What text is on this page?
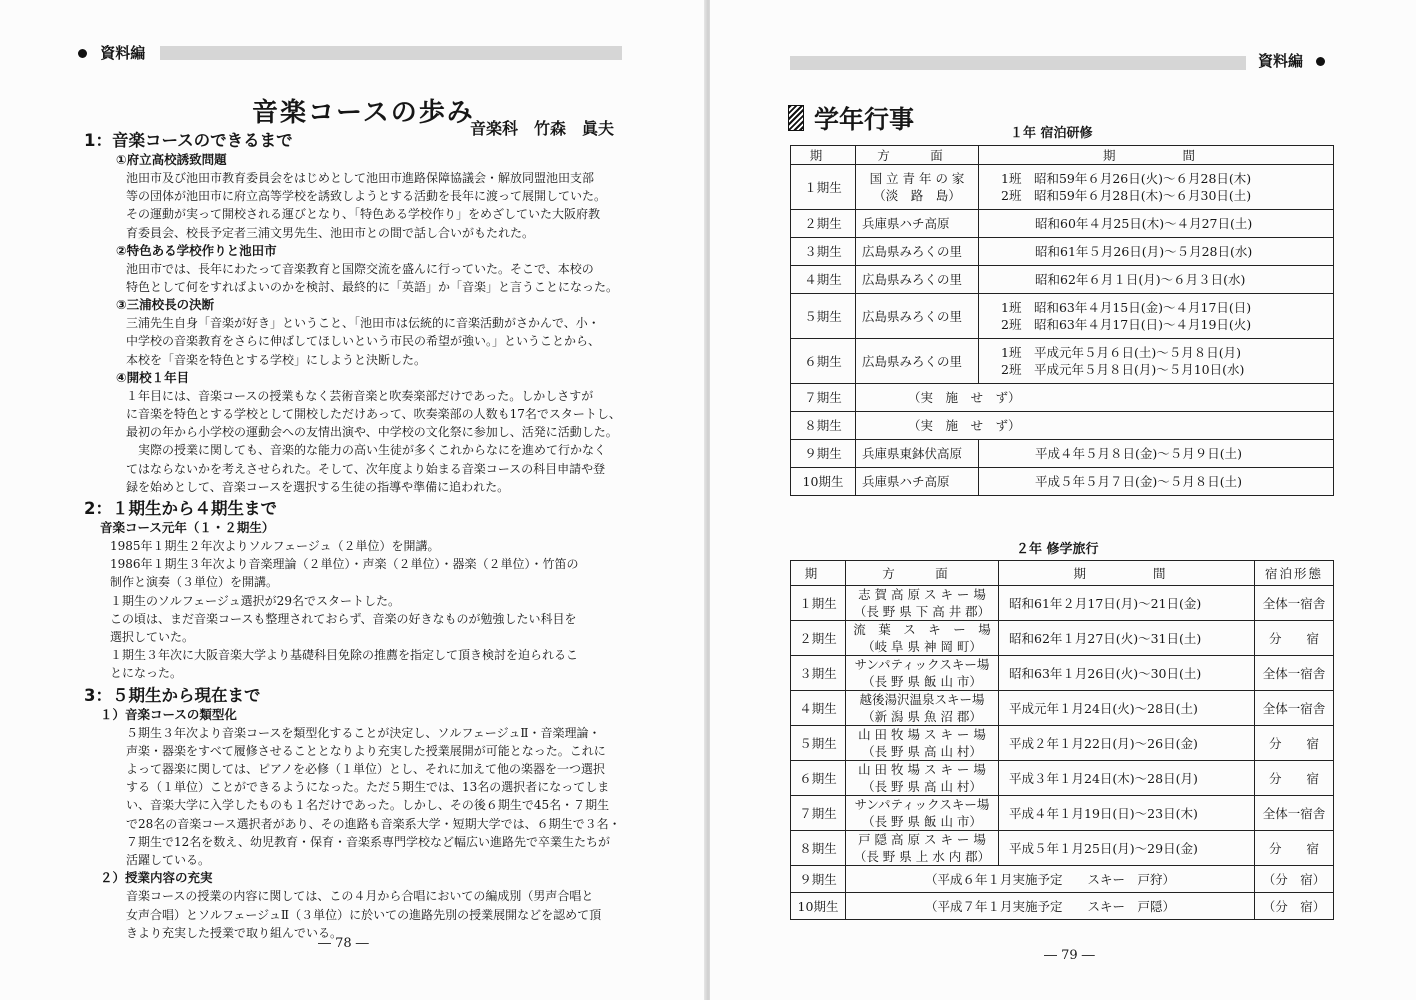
資料編
音楽コースの歩み
音楽科 竹森　眞夫
1：音楽コースのできるまで
①府立高校誘致問題
池田市及び池田市教育委員会をはじめとして池田市進路保障協議会・解放同盟池田支部
等の団体が池田市に府立高等学校を誘致しようとする活動を長年に渡って展開していた。
その運動が実って開校される運びとなり、「特色ある学校作り」をめざしていた大阪府教
育委員会、校長予定者三浦文男先生、池田市との間で話し合いがもたれた。
②特色ある学校作りと池田市
池田市では、長年にわたって音楽教育と国際交流を盛んに行っていた。そこで、本校の
特色として何をすればよいのかを検討、最終的に「英語」か「音楽」と言うことになった。
③三浦校長の決断
三浦先生自身「音楽が好き」ということ、「池田市は伝統的に音楽活動がさかんで、小・
中学校の音楽教育をさらに伸ばしてほしいという市民の希望が強い。」ということから、
本校を「音楽を特色とする学校」にしようと決断した。
④開校１年目
１年目には、音楽コースの授業もなく芸術音楽と吹奏楽部だけであった。しかしさすが
に音楽を特色とする学校として開校しただけあって、吹奏楽部の人数も17名でスタートし、
最初の年から小学校の運動会への友情出演や、中学校の文化祭に参加し、活発に活動した。
　実際の授業に関しても、音楽的な能力の高い生徒が多くこれからなにを進めて行かなく
てはならないかを考えさせられた。そして、次年度より始まる音楽コースの科目申請や登
録を始めとして、音楽コースを選択する生徒の指導や準備に追われた。
2：１期生から４期生まで
音楽コース元年（１・２期生）
1985年１期生２年次よりソルフェージュ（２単位）を開講。
1986年１期生３年次より音楽理論（２単位）・声楽（２単位）・器楽（２単位）・竹笛の
制作と演奏（３単位）を開講。
１期生のソルフェージュ選択が29名でスタートした。
この頃は、まだ音楽コースも整理されておらず、音楽の好きなものが勉強したい科目を
選択していた。
１期生３年次に大阪音楽大学より基礎科目免除の推薦を指定して頂き検討を迫られるこ
とになった。
3：５期生から現在まで
１）音楽コースの類型化
５期生３年次より音楽コースを類型化することが決定し、ソルフェージュⅡ・音楽理論・
声楽・器楽をすべて履修させることとなりより充実した授業展開が可能となった。これに
よって器楽に関しては、ピアノを必修（１単位）とし、それに加えて他の楽器を一つ選択
する（１単位）ことができるようになった。ただ５期生では、13名の選択者になってしま
い、音楽大学に入学したものも１名だけであった。しかし、その後６期生で45名・７期生
で28名の音楽コース選択者があり、その進路も音楽系大学・短期大学では、６期生で３名・
７期生で12名を数え、幼児教育・保育・音楽系専門学校など幅広い進路先で卒業生たちが
活躍している。
２）授業内容の充実
音楽コースの授業の内容に関しては、この４月から合唱においての編成別（男声合唱と
女声合唱）とソルフェージュⅡ（３単位）に於いての進路先別の授業展開などを認めて頂
きより充実した授業で取り組んでいる。
― 78 ―
資料編
学年行事	１年 宿泊研修
期	方　面	期　　間
１期生	国 立 青 年 の 家
（淡　路　島）	1班　昭和59年６月26日(火)～６月28日(木)
2班　昭和59年６月28日(木)～６月30日(土)
２期生	兵庫県ハチ高原	昭和60年４月25日(木)～４月27日(土)
３期生	広島県みろくの里	昭和61年５月26日(月)～５月28日(水)
４期生	広島県みろくの里	昭和62年６月１日(月)～６月３日(水)
５期生	広島県みろくの里	1班　昭和63年４月15日(金)～４月17日(日)
2班　昭和63年４月17日(日)～４月19日(火)
６期生	広島県みろくの里	1班　平成元年５月６日(土)～５月８日(月)
2班　平成元年５月８日(月)～５月10日(水)
７期生	（実　施　せ　ず）	
８期生	（実　施　せ　ず）	
９期生	兵庫県東鉢伏高原	平成４年５月８日(金)～５月９日(土)
10期生	兵庫県ハチ高原	平成５年５月７日(金)～５月８日(土)
２年 修学旅行
期	方　面	期　　間	宿泊形態
１期生	志 賀 高 原 ス キ ー 場
（長 野 県 下 高 井 郡）	昭和61年２月17日(月)～21日(金)	全体一宿舎
２期生	流　葉　ス　キ　ー　場
（岐 阜 県 神 岡 町）	昭和62年１月27日(火)～31日(土)	分　　宿
３期生	サンパティックスキー場
（長 野 県 飯 山 市）	昭和63年１月26日(火)～30日(土)	全体一宿舎
４期生	越後湯沢温泉スキー場
（新 潟 県 魚 沼 郡）	平成元年１月24日(火)～28日(土)	全体一宿舎
５期生	山 田 牧 場 ス キ ー 場
（長 野 県 高 山 村）	平成２年１月22日(月)～26日(金)	分　　宿
６期生	山 田 牧 場 ス キ ー 場
（長 野 県 高 山 村）	平成３年１月24日(木)～28日(月)	分　　宿
７期生	サンパティックスキー場
（長 野 県 飯 山 市）	平成４年１月19日(日)～23日(木)	全体一宿舎
８期生	戸 隠 高 原 ス キ ー 場
（長 野 県 上 水 内 郡）	平成５年１月25日(月)～29日(金)	分　　宿
９期生	（平成６年１月実施予定　　スキー　戸狩）		（分　宿）
10期生	（平成７年１月実施予定　　スキー　戸隠）		（分　宿）
― 79 ―
